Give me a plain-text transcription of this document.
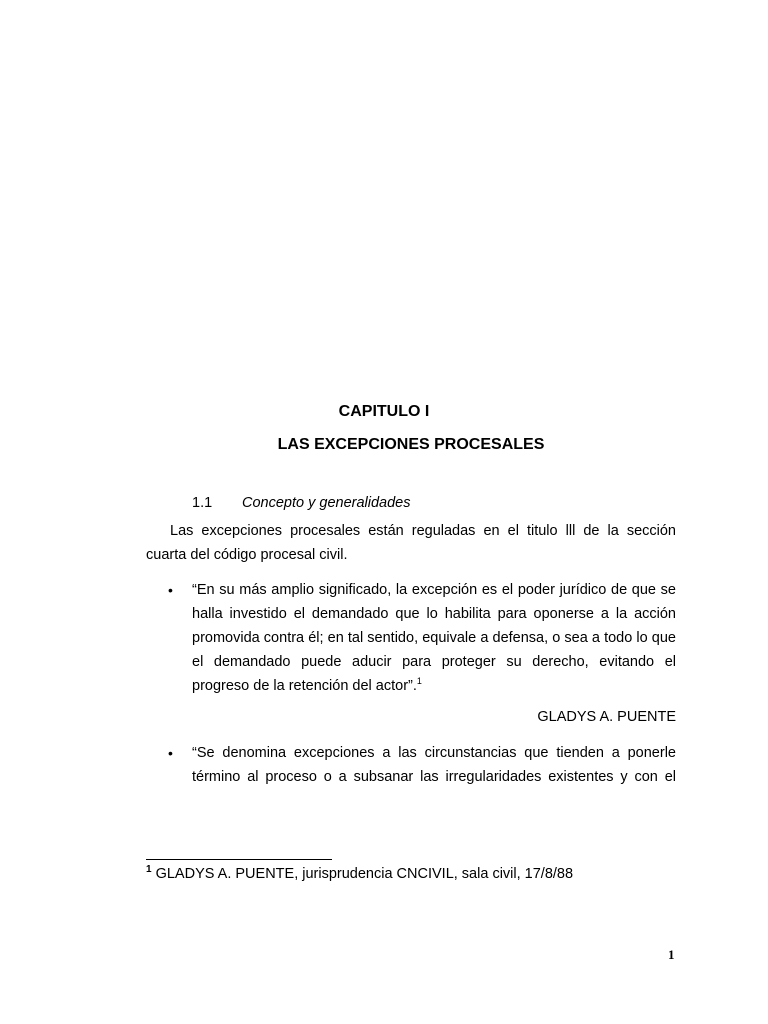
CAPITULO I
LAS EXCEPCIONES PROCESALES
1.1 Concepto y generalidades
Las excepciones procesales están reguladas en el titulo lll de la sección cuarta del código procesal civil.
• “En su más amplio significado, la excepción es el poder jurídico de que se halla investido el demandado que lo habilita para oponerse a la acción promovida contra él; en tal sentido, equivale a defensa, o sea a todo lo que el demandado puede aducir para proteger su derecho, evitando el progreso de la retención del actor”.$^1$
GLADYS A. PUENTE
• “Se denomina excepciones a las circunstancias que tienden a ponerle término al proceso o a subsanar las irregularidades existentes y con el
$^1$ GLADYS A. PUENTE, jurisprudencia CNCIVIL, sala civil, 17/8/88
1
